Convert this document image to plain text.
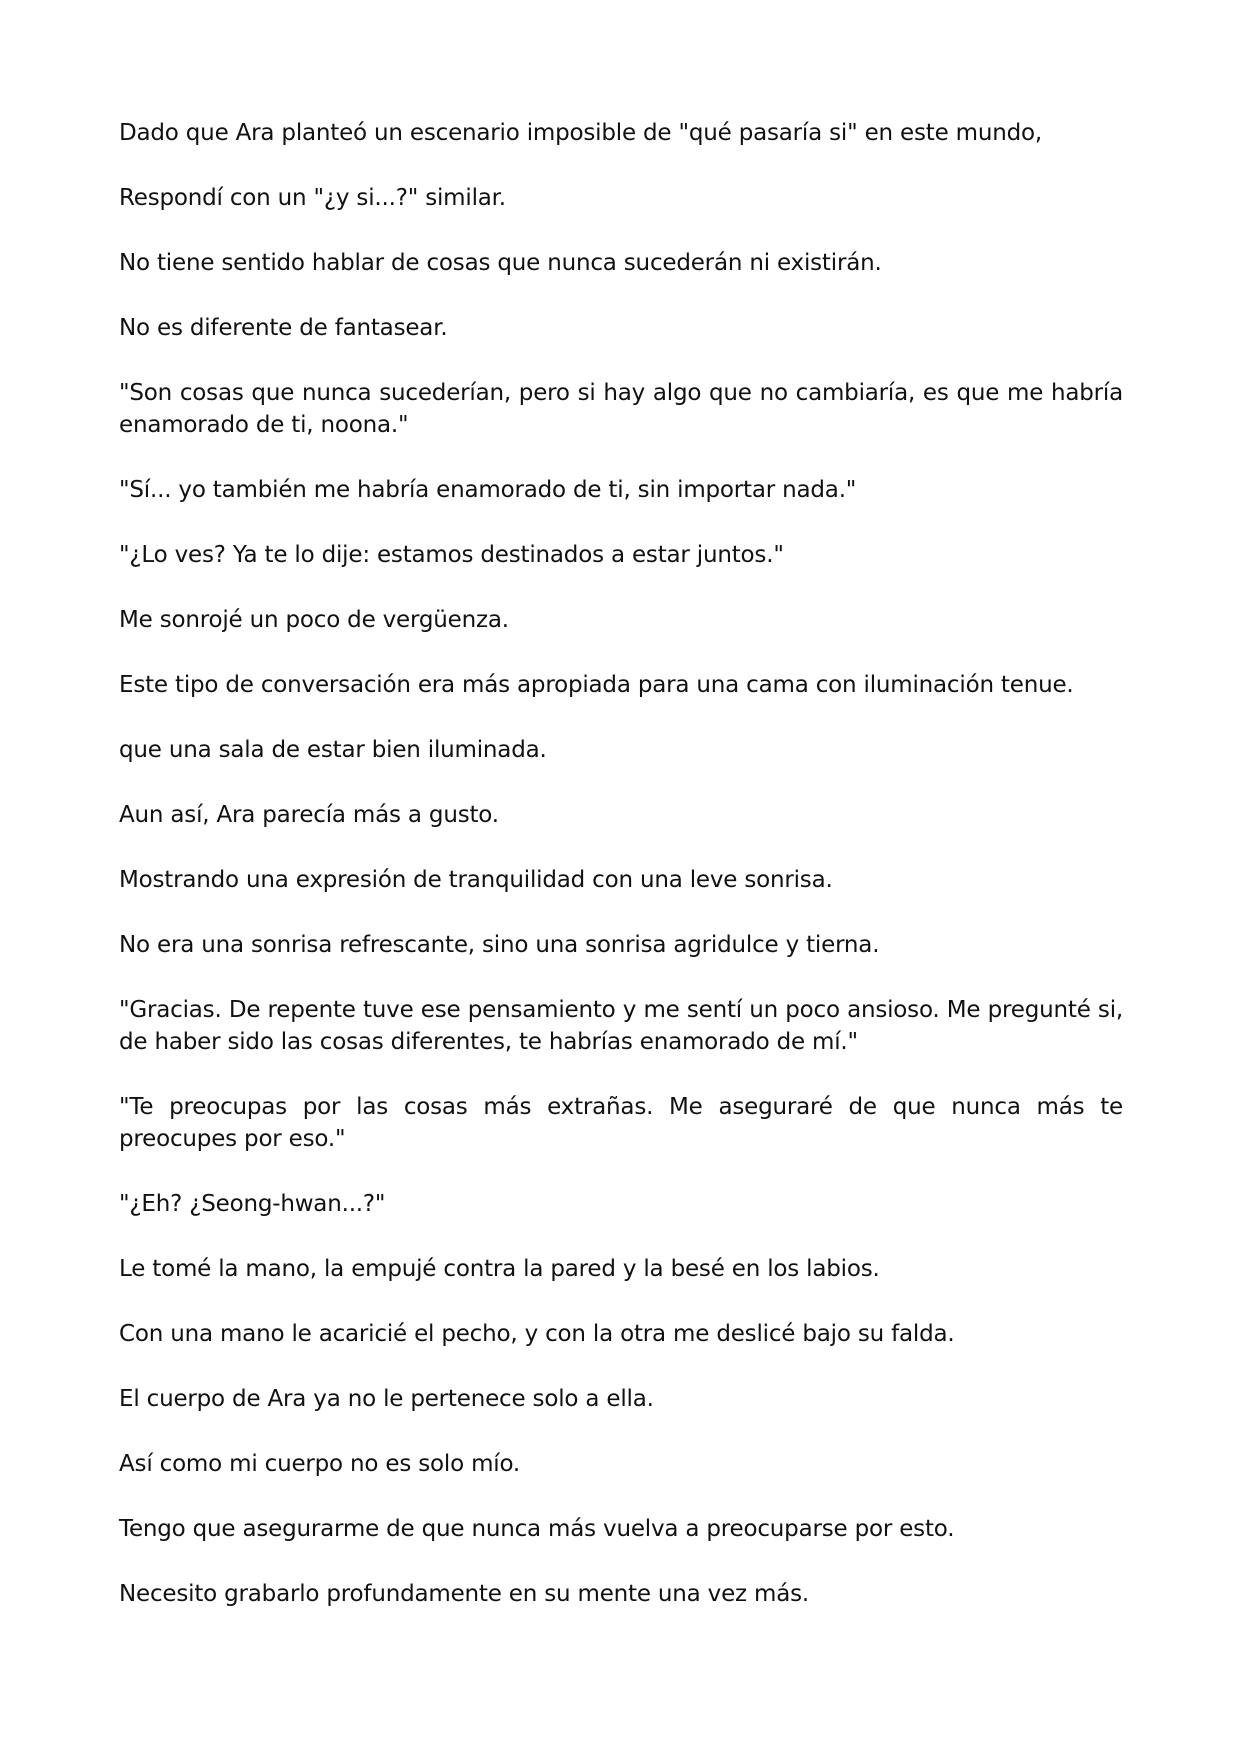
Dado que Ara planteó un escenario imposible de "qué pasaría si" en este mundo,

Respondí con un "¿y si...?" similar.

No tiene sentido hablar de cosas que nunca sucederán ni existirán.

No es diferente de fantasear.

"Son cosas que nunca sucederían, pero si hay algo que no cambiaría, es que me habría enamorado de ti, noona."

"Sí... yo también me habría enamorado de ti, sin importar nada."

"¿Lo ves? Ya te lo dije: estamos destinados a estar juntos."

Me sonrojé un poco de vergüenza.

Este tipo de conversación era más apropiada para una cama con iluminación tenue.

que una sala de estar bien iluminada.

Aun así, Ara parecía más a gusto.

Mostrando una expresión de tranquilidad con una leve sonrisa.

No era una sonrisa refrescante, sino una sonrisa agridulce y tierna.

"Gracias. De repente tuve ese pensamiento y me sentí un poco ansioso. Me pregunté si, de haber sido las cosas diferentes, te habrías enamorado de mí."

"Te preocupas por las cosas más extrañas. Me aseguraré de que nunca más te preocupes por eso."

"¿Eh? ¿Seong-hwan...?"

Le tomé la mano, la empujé contra la pared y la besé en los labios.

Con una mano le acaricié el pecho, y con la otra me deslicé bajo su falda.

El cuerpo de Ara ya no le pertenece solo a ella.

Así como mi cuerpo no es solo mío.

Tengo que asegurarme de que nunca más vuelva a preocuparse por esto.

Necesito grabarlo profundamente en su mente una vez más.
